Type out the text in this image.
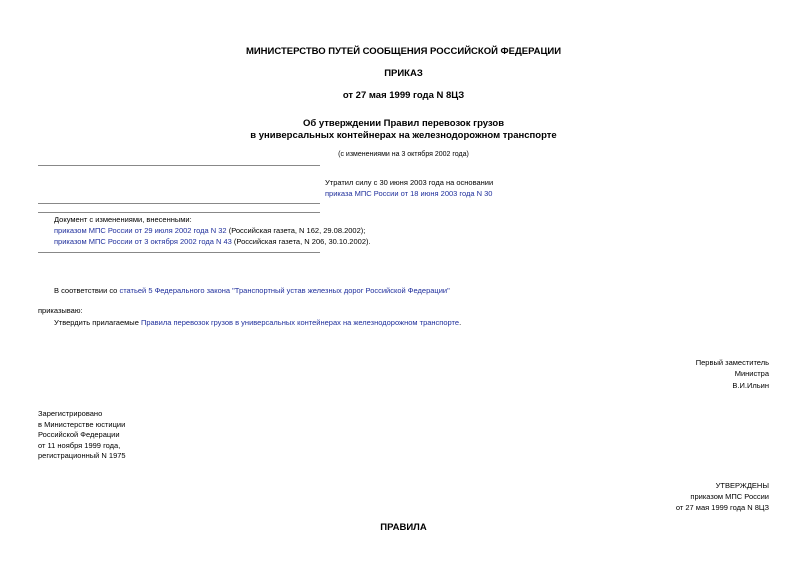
МИНИСТЕРСТВО ПУТЕЙ СООБЩЕНИЯ РОССИЙСКОЙ ФЕДЕРАЦИИ
ПРИКАЗ
от 27 мая 1999 года N 8ЦЗ
Об утверждении Правил перевозок грузов
в универсальных контейнерах на железнодорожном транспорте
(с изменениями на 3 октября 2002 года)
Утратил силу с 30 июня 2003 года на основании
приказа МПС России от 18 июня 2003 года N 30
Документ с изменениями, внесенными:
приказом МПС России от 29 июля 2002 года N 32 (Российская газета, N 162, 29.08.2002);
приказом МПС России от 3 октября 2002 года N 43 (Российская газета, N 206, 30.10.2002).
В соответствии со статьей 5 Федерального закона "Транспортный устав железных дорог Российской Федерации"
приказываю:
Утвердить прилагаемые Правила перевозок грузов в универсальных контейнерах на железнодорожном транспорте.
Первый заместитель
Министра
В.И.Ильин
Зарегистрировано
в Министерстве юстиции
Российской Федерации
от 11 ноября 1999 года,
регистрационный N 1975
УТВЕРЖДЕНЫ
приказом МПС России
от 27 мая 1999 года N 8ЦЗ
ПРАВИЛА
